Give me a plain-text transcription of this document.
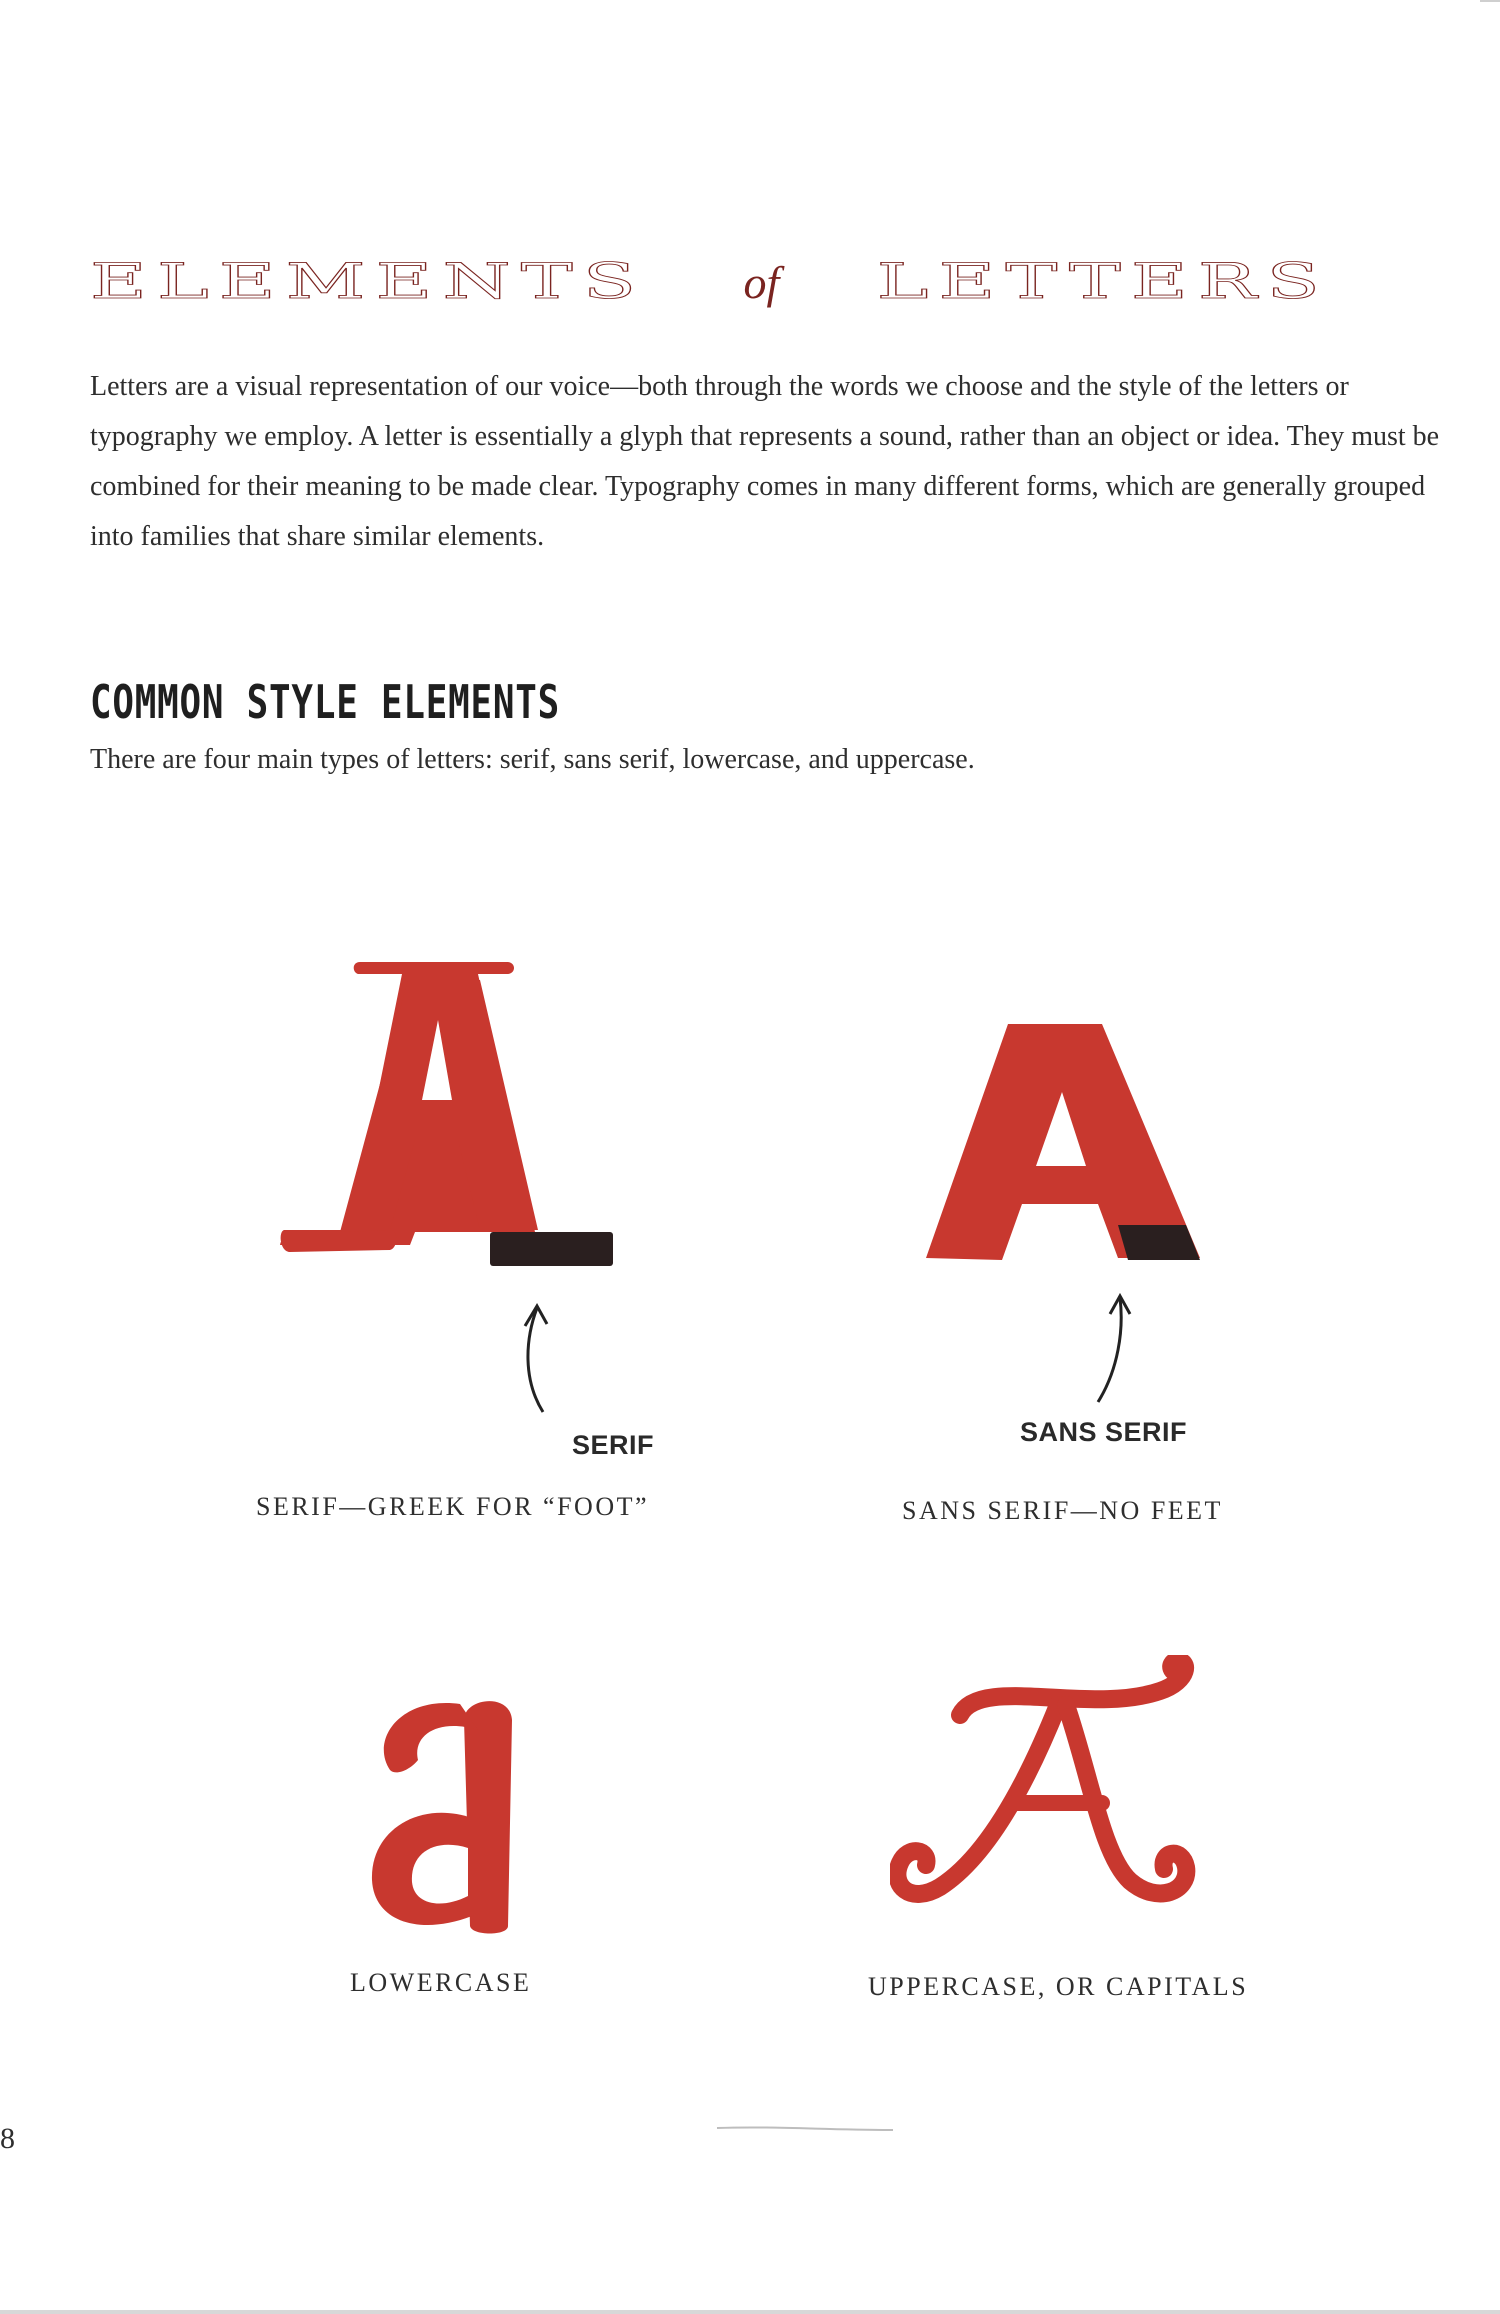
ELEMENTS of LETTERS
Letters are a visual representation of our voice—both through the words we choose and the style of the letters or typography we employ. A letter is essentially a glyph that represents a sound, rather than an object or idea. They must be combined for their meaning to be made clear. Typography comes in many different forms, which are generally grouped into families that share similar elements.
COMMON STYLE ELEMENTS
There are four main types of letters: serif, sans serif, lowercase, and uppercase.
SERIF
SERIF—GREEK FOR “FOOT”
SANS SERIF
SANS SERIF—NO FEET
LOWERCASE	UPPERCASE, OR CAPITALS
8
